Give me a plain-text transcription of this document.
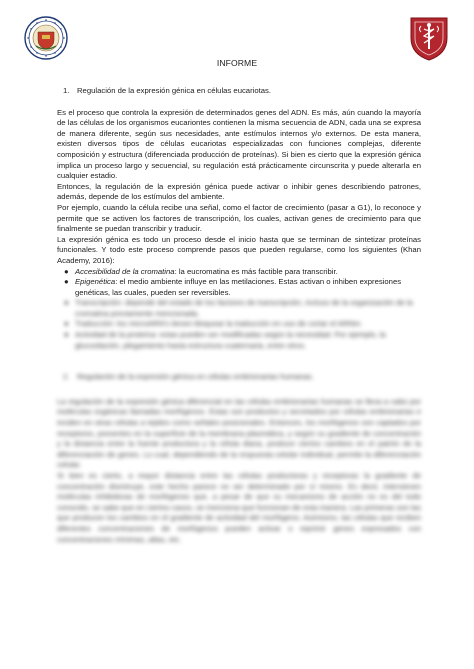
INFORME

1. Regulación de la expresión génica en células eucariotas.

Es el proceso que controla la expresión de determinados genes del ADN. Es más, aún cuando la mayoría de las células de los organismos eucariontes contienen la misma secuencia de ADN, cada una se expresa de manera diferente, según sus necesidades, ante estímulos internos y/o externos. De esta manera, existen diversos tipos de células eucariotas especializadas con funciones complejas, diferente composición y estructura (diferenciada producción de proteínas). Si bien es cierto que la expresión génica implica un proceso largo y secuencial, su regulación está prácticamente circunscrita y puede alterarla en cualquier estadio.

Entonces, la regulación de la expresión génica puede activar o inhibir genes describiendo patrones, además, depende de los estímulos del ambiente.

Por ejemplo, cuando la célula recibe una señal, como el factor de crecimiento (pasar a G1), lo reconoce y permite que se activen los factores de transcripción, los cuales, activan genes de crecimiento para que finalmente se puedan transcribir y traducir.

La expresión génica es todo un proceso desde el inicio hasta que se terminan de sintetizar proteínas funcionales. Y todo este proceso comprende pasos que pueden regularse, como los siguientes (Khan Academy, 2016):

● Accesibilidad de la cromatina: la eucromatina es más factible para transcribir.
● Epigenética: el medio ambiente influye en las metilaciones. Estas activan o inhiben expresiones genéticas, las cuales, pueden ser reversibles.
● Transcripción: depende del estado de los factores de transcripción, incluso de la organización de la cromatina previamente mencionada.
● Traducción: los microARN's tienen bloquear la traducción en uso de cortar el ARNm.
● Actividad de la proteína: estas pueden ser modificadas según la necesidad. Por ejemplo, la glucosilación, plegamiento hasta estructura cuaternaria, entre otros.

2. Regulación de la expresión génica en células embrionarias humanas.

La regulación de la expresión génica diferencial en las células embrionarias humanas se lleva a cabo por moléculas orgánicas llamadas morfógenos. Estas son productos y secretados por células embrionarias e inciden en otras células a tejidos como señales posicionales. Entonces, los morfógenos son captados por receptores, presentes en la superficie de la membrana plasmática, y según su gradiente de concentración y la distancia entre la fuente productora y la célula diana, produce ciertos cambios en el patrón de la diferenciación de genes. Lo cual, dependiendo de la respuesta celular individual, permite la diferenciación celular.

Si bien es cierto, a mayor distancia entre las células productoras y receptoras la gradiente de concentración disminuye, este hecho parece no ser determinado por sí mismo. Es decir, intervienen moléculas inhibidoras de morfógenos que, a pesar de que su mecanismo de acción no es del todo conocido, se sabe que en ciertos casos, se menciona que funcionan de esta manera. Las primeras son las que producen los cambios en el gradiente de actividad del morfógeno. Asimismo, las células que reciben diferentes concentraciones de morfógenos pueden activar o reprimir genes expresados con concentraciones mínimas, altas, etc.
